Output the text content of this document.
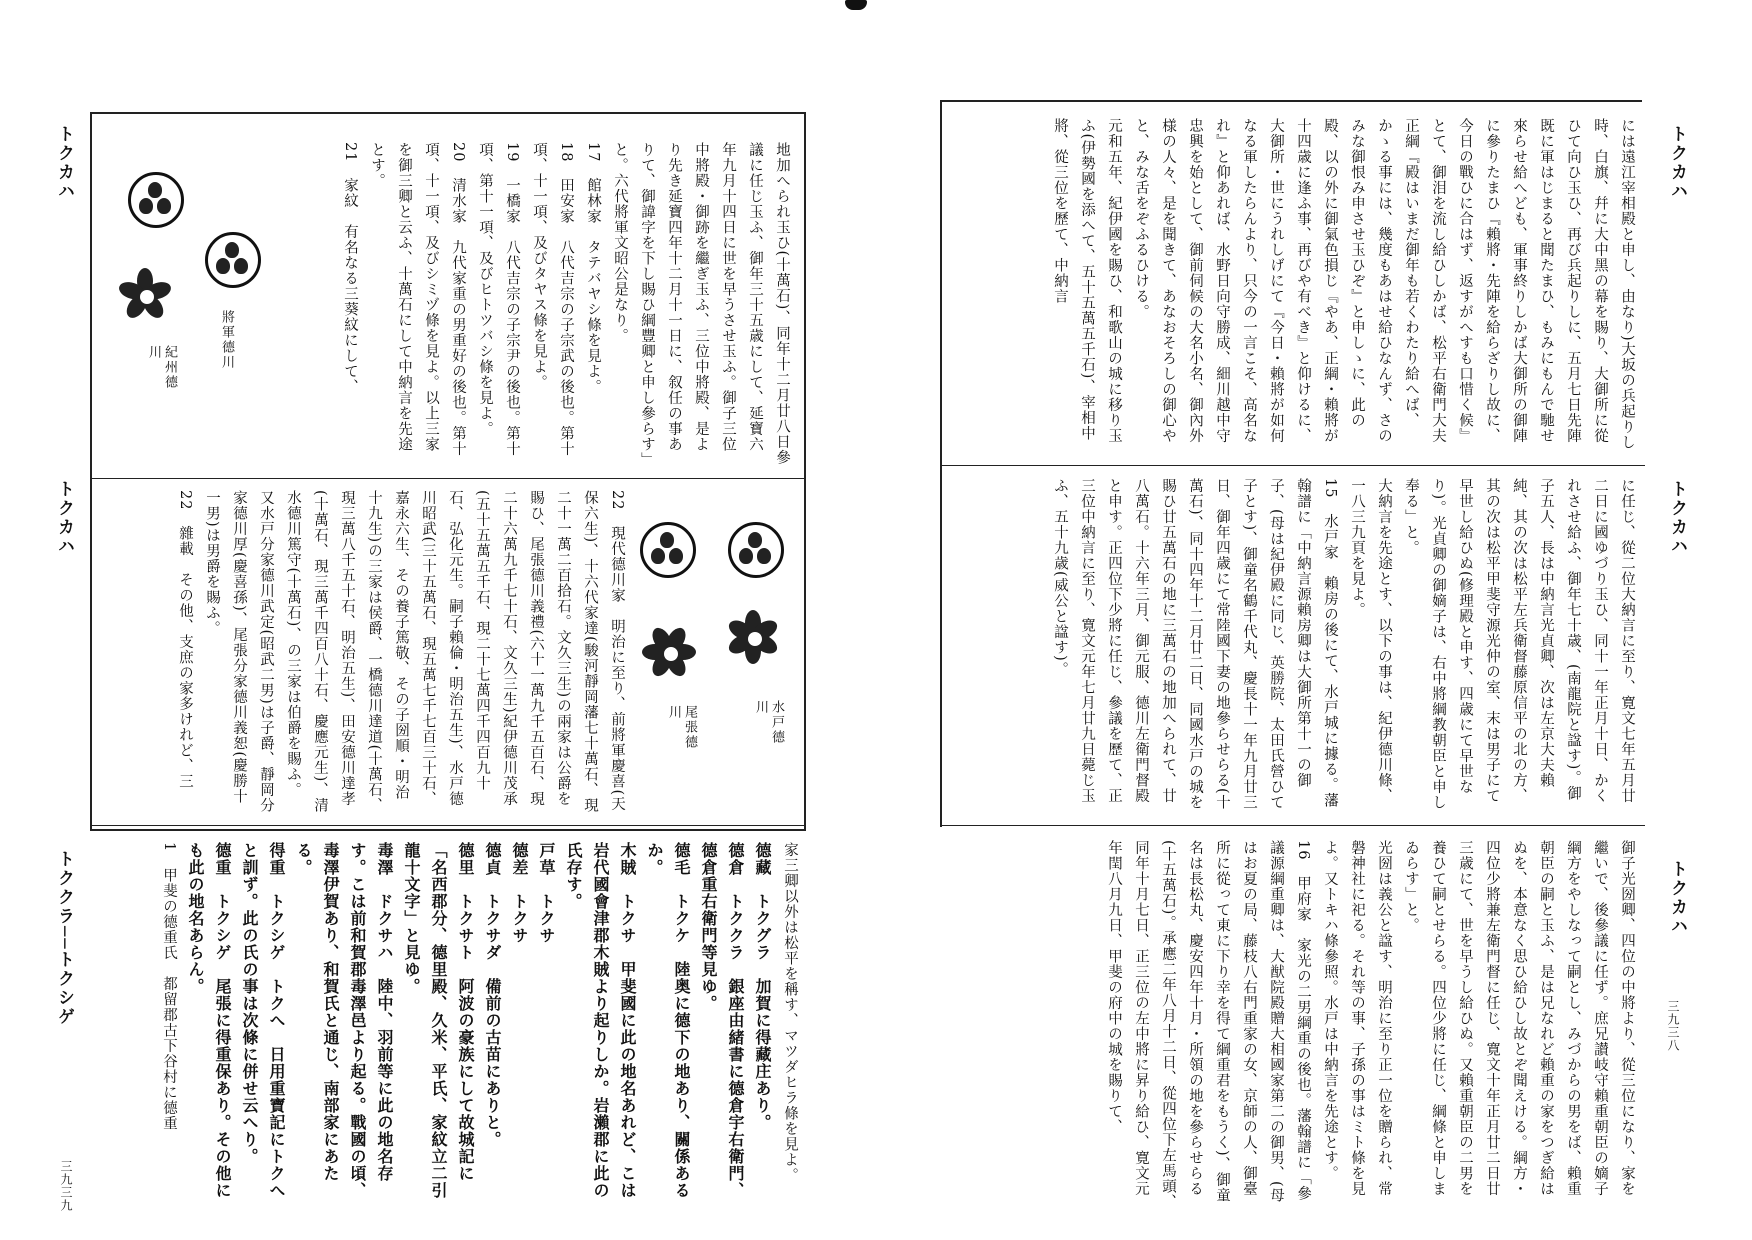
トクカハ
トクカハ
トククラ──トクシゲ
三九三九
將軍德川
紀州德川	地加へられ玉ひ(十萬石)、同年十二月廿八日參議に任じ玉ふ、御年三十五歳にして、延寶六年九月十四日に世を早うさせ玉ふ。御子三位中將殿・御跡を繼ぎ玉ふ、三位中將殿、是より先き延寶四年十二月十一日に、叙任の事ありて、御諱字を下し賜ひ綱豐卿と申し參らす」と。六代將軍文昭公是なり。
17　館林家　タテバヤシ條を見よ。
18　田安家　八代吉宗の子宗武の後也。第十項、十一項、及びタヤス條を見よ。
19　一橋家　八代吉宗の子宗尹の後也。第十項、第十一項、及びヒトツバシ條を見よ。
20　清水家　九代家重の男重好の後也。第十項、十一項、及びシミヅ條を見よ。以上三家を御三卿と云ふ、十萬石にして中納言を先途とす。
21　家紋　有名なる三葵紋にして、
水戸德川
尾張德川
22　現代德川家　明治に至り、前將軍慶喜(天保六生)、十六代家達(駿河靜岡藩七十萬石、現二十一萬二百拾石。文久三生)の兩家は公爵を賜ひ、尾張德川義禮(六十一萬九千五百石、現二十六萬九千七十石、文久三生)紀伊德川茂承(五十五萬五千石、現二十七萬四千四百九十石、弘化元生。嗣子賴倫・明治五生)、水戸德川昭武(三十五萬石、現五萬七千七百三十石、嘉永六生、その養子篤敬、その子圀順・明治十九生)の三家は侯爵、一橋德川達道(十萬石、現三萬八千五十石、明治五生)、田安德川達孝(十萬石、現三萬千四百八十石、慶應元生)、清水德川篤守(十萬石)、の三家は伯爵を賜ふ。
又水戸分家德川武定(昭武二男)は子爵、靜岡分家德川厚(慶喜孫)、尾張分家德川義恕(慶勝十一男)は男爵を賜ふ。
22　雜載　その他、支庶の家多けれど、三
家三卿以外は松平を稱す、マツダヒラ條を見よ。
德藏　トクグラ　加賀に得藏庄あり。
德倉　トククラ　銀座由緒書に德倉宇右衛門、德倉重右衛門等見ゆ。
德毛　トクケ　陸奥に德下の地あり、關係あるか。
木賊　トクサ　甲斐國に此の地名あれど、こは岩代國會津郡木賊より起りしか。岩瀨郡に此の氏存す。
戸草　トクサ
德差　トクサ
德貞　トクサダ　備前の古苗にありと。
德里　トクサト　阿波の豪族にして故城記に「名西郡分、德里殿、久米、平氏、家紋立二引龍十文字」と見ゆ。
毒澤　ドクサハ　陸中、羽前等に此の地名存す。こは前和賀郡毒澤邑より起る。戰國の頃、毒澤伊賀あり、和賀氏と通じ、南部家にあたる。
得重　トクシゲ　トクへ　日用重寶記にトクへと訓ず。此の氏の事は次條に併せ云へり。
德重　トクシゲ　尾張に得重保あり。その他にも此の地名あらん。
1　甲斐の德重氏　都留郡古下谷村に德重
トクカハ
トクカハ
トクカハ
三九三八
には遠江宰相殿と申し、由なり)大坂の兵起りし時、白旗、幷に大中黑の幕を賜り、大御所に從ひて向ひ玉ひ、再び兵起りしに、五月七日先陣既に軍はじまると聞たまひ、もみにもんで馳せ來らせ給へども、軍事終りしかば大御所の御陣に參りたまひ『賴將・先陣を給らざりし故に、今日の戰ひに合はず、返すがへすも口惜く候』とて、御泪を流し給ひしかば、松平右衛門大夫正綱『殿はいまだ御年も若くわたり給へば、かゝる事には、幾度もあはせ給ひなんず、さのみな御恨み申させ玉ひぞ』と申しゝに、此の殿、以の外に御氣色損じ『やあ、正綱・賴將が十四歳に逢ふ事、再びや有べき』と仰けるに、大御所・世にうれしげにて『今日・賴將が如何なる軍したらんより、只今の一言こそ、高名なれ』と仰あれば、水野日向守勝成、細川越中守忠興を始として、御前伺候の大名小名、御內外様の人々、是を聞きて、あなおそろしの御心やと、みな舌をぞふるひける。
元和五年、紀伊國を賜ひ、和歌山の城に移り玉ふ(伊勢國を添へて、五十五萬五千石)、宰相中將、從三位を歷て、中納言
に任じ、從二位大納言に至り、寛文七年五月廿二日に國ゆづり玉ひ、同十一年正月十日、かくれさせ給ふ、御年七十歳、(南龍院と諡す)。御子五人、長は中納言光貞卿、次は左京大夫賴純、其の次は松平左兵衛督藤原信平の北の方、其の次は松平甲斐守源光仲の室、末は男子にて早世し給ひぬ(修理殿と申す、四歳にて早世なり)。光貞卿の御嫡子は、右中將綱教朝臣と申し奉る」と。
大納言を先途とす、以下の事は、紀伊德川條、一八三九頁を見よ。
15　水戸家　賴房の後にて、水戸城に據る。藩翰譜に「中納言源賴房卿は大御所第十一の御子、(母は紀伊殿に同じ、英勝院、太田氏營ひて子とす)、御童名鶴千代丸、慶長十一年九月廿三日、御年四歳にて常陸國下妻の地參らせらる(十萬石)、同十四年十二月廿二日、同國水戸の城を賜ひ廿五萬石の地に三萬石の地加へられて、廿八萬石。十六年三月、御元服、德川左衛門督殿と申す。正四位下少將に任じ、參議を歷て、正三位中納言に至り、寛文元年七月廿九日薨じ玉ふ、五十九歳(威公と諡す)。
御子光圀卿、四位の中將より、從三位になり、家を繼いで、後參議に任ず。庶兄讃岐守賴重朝臣の嫡子綱方をやしなって嗣とし、みづからの男をば、賴重朝臣の嗣と玉ふ、是は兄なれど賴重の家をつぎ給はぬを、本意なく思ひ給ひし故とぞ聞えける。綱方・四位少將兼左衛門督に任じ、寛文十年正月廿二日廿三歳にて、世を早うし給ひぬ。又賴重朝臣の二男を養ひて嗣とせらる。四位少將に任じ、綱條と申しまゐらす」と。
光圀は義公と諡す、明治に至り正一位を贈られ、常磐神社に祀る。それ等の事、子孫の事はミト條を見よ。又トキハ條參照。水戸は中納言を先途とす。
16　甲府家　家光の二男綱重の後也。藩翰譜に「參議源綱重卿は、大猷院殿贈大相國家第二の御男、(母はお夏の局、藤枝八右門重家の女、京師の人、御臺所に從って東に下り幸を得て綱重君をもうく)、御童名は長松丸、慶安四年十月・所領の地を參らせらる(十五萬石)。承應二年八月十二日、從四位下左馬頭、同年十月七日、正三位の左中將に昇り給ひ、寛文元年閏八月九日、甲斐の府中の城を賜りて、
